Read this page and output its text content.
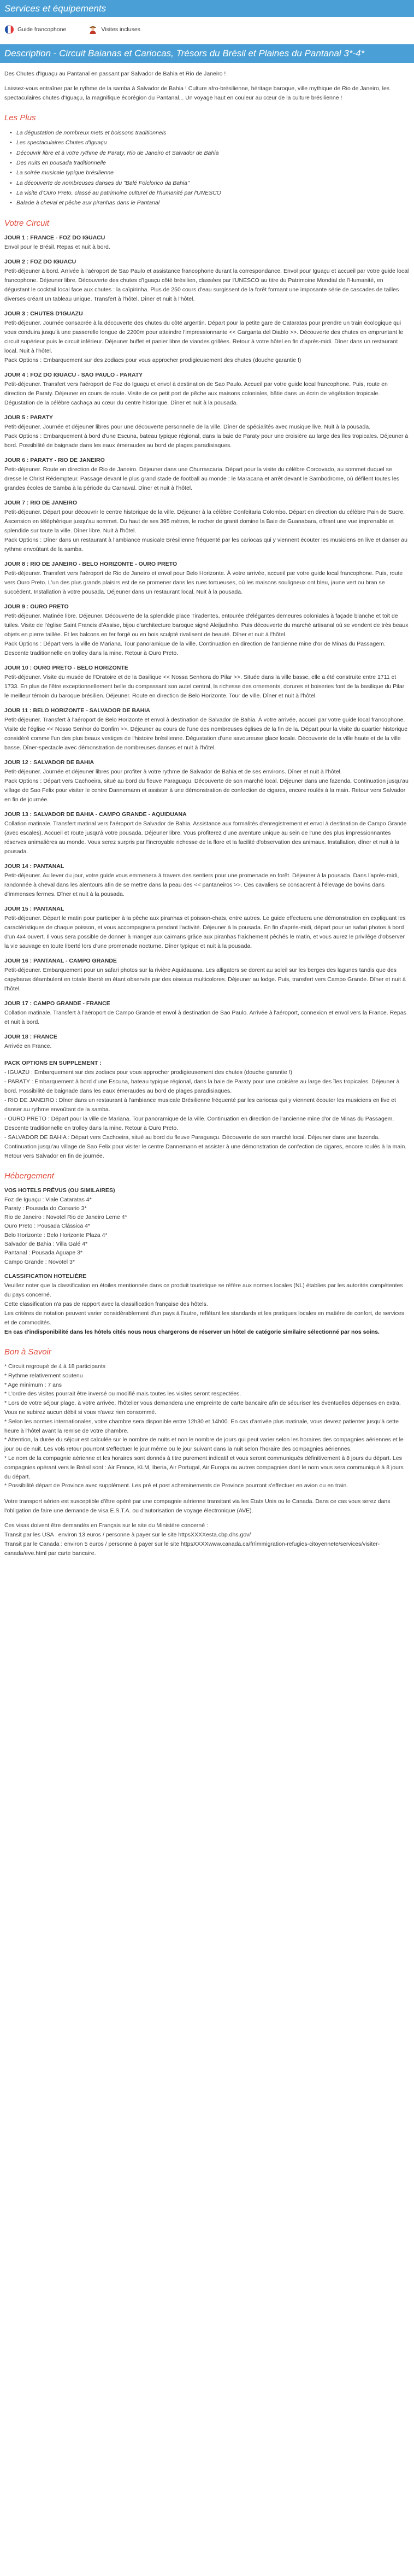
Services et équipements
Guide francophone	Visites incluses
Description - Circuit Baianas et Cariocas, Trésors du Brésil et Plaines du Pantanal 3*-4*

Des Chutes d'Iguaçu au Pantanal en passant par Salvador de Bahia et Rio de Janeiro !

Laissez-vous entraîner par le rythme de la samba à Salvador de Bahia ! Culture afro-brésilienne, héritage baroque, ville mythique de Rio de Janeiro, les spectaculaires chutes d'Iguaçu, la magnifique écorégion du Pantanal... Un voyage haut en couleur au cœur de la culture brésilienne !

Les Plus
• La dégustation de nombreux mets et boissons traditionnels
• Les spectaculaires Chutes d'Iguaçu
• Découvrir libre et à votre rythme de Paraty, Rio de Janeiro et Salvador de Bahia
• Des nuits en pousada traditionnelle
• La soirée musicale typique brésilienne
• La découverte de nombreuses danses du "Balé Folclorico da Bahia"
• La visite d'Ouro Preto, classé au patrimoine culturel de l'humanité par l'UNESCO
• Balade à cheval et pêche aux piranhas dans le Pantanal
Votre Circuit
JOUR 1 : FRANCE - FOZ DO IGUACU
Envol pour le Brésil. Repas et nuit à bord.
JOUR 2 : FOZ DO IGUACU
Petit-déjeuner à bord. Arrivée à l'aéroport de Sao Paulo et assistance francophone durant la correspondance. Envol pour Iguaçu et accueil par votre guide local francophone. Déjeuner libre. Découverte des chutes d'Iguaçu côté brésilien, classées par l'UNESCO au titre du Patrimoine Mondial de l'Humanité, en dégustant le cocktail local face aux chutes : la caïpirinha. Plus de 250 cours d'eau surgissent de la forêt formant une imposante série de cascades de tailles diverses créant un tableau unique. Transfert à l'hôtel. Dîner et nuit à l'hôtel.
JOUR 3 : CHUTES D'IGUAZU
Petit-déjeuner. Journée consacrée à la découverte des chutes du côté argentin. Départ pour la petite gare de Cataratas pour prendre un train écologique qui vous conduira jusqu'à une passerelle longue de 2200m pour atteindre l'impressionnante << Garganta del Diablo >>. Découverte des chutes en empruntant le circuit supérieur puis le circuit inférieur. Déjeuner buffet et panier libre de viandes grillées. Retour à votre hôtel en fin d'après-midi. Dîner dans un restaurant local. Nuit à l'hôtel.
Pack Options : Embarquement sur des zodiacs pour vous approcher prodigieusement des chutes (douche garantie !)
JOUR 4 : FOZ DO IGUACU - SAO PAULO - PARATY
Petit-déjeuner. Transfert vers l'aéroport de Foz do Iguaçu et envol à destination de Sao Paulo. Accueil par votre guide local francophone. Puis, route en direction de Paraty. Déjeuner en cours de route. Visite de ce petit port de pêche aux maisons coloniales, bâtie dans un écrin de végétation tropicale. Dégustation de la célèbre cachaça au cœur du centre historique. Dîner et nuit à la pousada.
JOUR 5 : PARATY
Petit-déjeuner. Journée et déjeuner libres pour une découverte personnelle de la ville. Dîner de spécialités avec musique live. Nuit à la pousada.
Pack Options : Embarquement à bord d'une Escuna, bateau typique régional, dans la baie de Paraty pour une croisière au large des îles tropicales. Déjeuner à bord. Possibilité de baignade dans les eaux émeraudes au bord de plages paradisiaques.
JOUR 6 : PARATY - RIO DE JANEIRO
Petit-déjeuner. Route en direction de Rio de Janeiro. Déjeuner dans une Churrascaria. Départ pour la visite du célèbre Corcovado, au sommet duquel se dresse le Christ Rédempteur. Passage devant le plus grand stade de football au monde : le Maracana et arrêt devant le Sambodrome, où défilent toutes les grandes écoles de Samba à la période du Carnaval. Dîner et nuit à l'hôtel.
JOUR 7 : RIO DE JANEIRO
Petit-déjeuner. Départ pour découvrir le centre historique de la ville. Déjeuner à la célèbre Confeitaria Colombo. Départ en direction du célèbre Pain de Sucre. Ascension en téléphérique jusqu'au sommet. Du haut de ses 395 mètres, le rocher de granit domine la Baie de Guanabara, offrant une vue imprenable et splendide sur toute la ville. Dîner libre. Nuit à l'hôtel.
Pack Options : Dîner dans un restaurant à l'ambiance musicale Brésilienne fréquenté par les cariocas qui y viennent écouter les musiciens en live et danser au rythme envoûtant de la samba.
JOUR 8 : RIO DE JANEIRO - BELO HORIZONTE - OURO PRETO
Petit-déjeuner. Transfert vers l'aéroport de Rio de Janeiro et envol pour Belo Horizonte. À votre arrivée, accueil par votre guide local francophone. Puis, route vers Ouro Preto. L'un des plus grands plaisirs est de se promener dans les rues tortueuses, où les maisons souligneux ont bleu, jaune vert ou bran se succèdent. Installation à votre pousada. Déjeuner dans un restaurant local. Nuit à la pousada.
JOUR 9 : OURO PRETO
Petit-déjeuner. Matinée libre. Déjeuner. Découverte de la splendide place Tiradentes, entourée d'élégantes demeures coloniales à façade blanche et toit de tuiles. Visite de l'église Saint Francis d'Assise, bijou d'architecture baroque signé Aleijadinho. Puis découverte du marché artisanal où se vendent de très beaux objets en pierre taillée. Et les balcons en fer forgé ou en bois sculpté rivalisent de beauté. Dîner et nuit à l'hôtel.
Pack Options : Départ vers la ville de Mariana. Tour panoramique de la ville. Continuation en direction de l'ancienne mine d'or de Minas du Passagem. Descente traditionnelle en trolley dans la mine. Retour à Ouro Preto.
JOUR 10 : OURO PRETO - BELO HORIZONTE
Petit-déjeuner. Visite du musée de l'Oratoire et de la Basilique << Nossa Senhora do Pilar >>. Située dans la ville basse, elle a été construite entre 1711 et 1733. En plus de l'être exceptionnellement belle du compassant son autel central, la richesse des ornements, dorures et boiseries font de la basilique du Pilar le meilleur témoin du baroque brésilien. Déjeuner. Route en direction de Belo Horizonte. Tour de ville. Dîner et nuit à l'hôtel.
JOUR 11 : BELO HORIZONTE - SALVADOR DE BAHIA
Petit-déjeuner. Transfert à l'aéroport de Belo Horizonte et envol à destination de Salvador de Bahia. À votre arrivée, accueil par votre guide local francophone. Visite de l'église << Nosso Senhor do Bonfim >>. Déjeuner au cours de l'une des nombreuses églises de la fin de la. Départ pour la visite du quartier historique considéré comme l'un des plus beaux vestiges de l'histoire brésilienne. Dégustation d'une savoureuse glace locale. Découverte de la ville haute et de la ville basse. Dîner-spectacle avec démonstration de nombreuses danses et nuit à l'hôtel.
JOUR 12 : SALVADOR DE BAHIA
Petit-déjeuner. Journée et déjeuner libres pour profiter à votre rythme de Salvador de Bahia et de ses environs. Dîner et nuit à l'hôtel.
Pack Options : Départ vers Cachoeira, situé au bord du fleuve Paraguaçu. Découverte de son marché local. Déjeuner dans une fazenda. Continuation jusqu'au village de Sao Felix pour visiter le centre Dannemann et assister à une démonstration de confection de cigares, encore roulés à la main. Retour vers Salvador en fin de journée.
JOUR 13 : SALVADOR DE BAHIA - CAMPO GRANDE - AQUIDUANA
Collation matinale. Transfert matinal vers l'aéroport de Salvador de Bahia. Assistance aux formalités d'enregistrement et envol à destination de Campo Grande (avec escales). Accueil et route jusqu'à votre pousada. Déjeuner libre. Vous profiterez d'une aventure unique au sein de l'une des plus impressionnantes réserves animalières au monde. Vous serez surpris par l'incroyable richesse de la flore et la facilité d'observation des animaux. Installation, dîner et nuit à la pousada.
JOUR 14 : PANTANAL
Petit-déjeuner. Au lever du jour, votre guide vous emmenera à travers des sentiers pour une promenade en forêt. Déjeuner à la pousada. Dans l'après-midi, randonnée à cheval dans les alentours afin de se mettre dans la peau des << pantaneiros >>. Ces cavaliers se consacrent à l'élevage de bovins dans d'immenses fermes. Dîner et nuit à la pousada.
JOUR 15 : PANTANAL
Petit-déjeuner. Départ le matin pour participer à la pêche aux piranhas et poisson-chats, entre autres. Le guide effectuera une démonstration en expliquant les caractéristiques de chaque poisson, et vous accompagnera pendant l'activité. Déjeuner à la pousada. En fin d'après-midi, départ pour un safari photos à bord d'un 4x4 ouvert. Il vous sera possible de donner à manger aux caïmans grâce aux piranhas fraîchement pêchés le matin, et vous aurez le privilège d'observer la vie sauvage en toute liberté lors d'une promenade nocturne. Dîner typique et nuit à la pousada.
JOUR 16 : PANTANAL - CAMPO GRANDE
Petit-déjeuner. Embarquement pour un safari photos sur la rivière Aquidauana. Les alligators se dorent au soleil sur les berges des lagunes tandis que des capybaras déambulent en totale liberté en étant observés par des oiseaux multicolores. Déjeuner au lodge. Puis, transfert vers Campo Grande. Dîner et nuit à l'hôtel.
JOUR 17 : CAMPO GRANDE - FRANCE
Collation matinale. Transfert à l'aéroport de Campo Grande et envol à destination de Sao Paulo. Arrivée à l'aéroport, connexion et envol vers la France. Repas et nuit à bord.
JOUR 18 : FRANCE
Arrivée en France.
PACK OPTIONS EN SUPPLEMENT :
- IGUAZU : Embarquement sur des zodiacs pour vous approcher prodigieusement des chutes (douche garantie !)
- PARATY : Embarquement à bord d'une Escuna, bateau typique régional, dans la baie de Paraty pour une croisière au large des îles tropicales. Déjeuner à bord. Possibilité de baignade dans les eaux émeraudes au bord de plages paradisiaques.
- RIO DE JANEIRO : Dîner dans un restaurant à l'ambiance musicale Brésilienne fréquenté par les cariocas qui y viennent écouter les musiciens en live et danser au rythme envoûtant de la samba.
- OURO PRETO : Départ pour la ville de Mariana. Tour panoramique de la ville. Continuation en direction de l'ancienne mine d'or de Minas du Passagem. Descente traditionnelle en trolley dans la mine. Retour à Ouro Preto.
- SALVADOR DE BAHIA : Départ vers Cachoeira, situé au bord du fleuve Paraguaçu. Découverte de son marché local. Déjeuner dans une fazenda. Continuation jusqu'au village de Sao Felix pour visiter le centre Dannemann et assister à une démonstration de confection de cigares, encore roulés à la main. Retour vers Salvador en fin de journée.
Hébergement
VOS HOTELS PRÉVUS (OU SIMILAIRES)
Foz de Iguaçu : Viale Cataratas 4*
Paraty : Pousada do Corsario 3*
Rio de Janeiro : Novotel Rio de Janeiro Leme 4*
Ouro Preto : Pousada Clássica 4*
Belo Horizonte : Belo Horizonte Plaza 4*
Salvador de Bahia : Villa Galé 4*
Pantanal : Pousada Aguape 3*
Campo Grande : Novotel 3*
CLASSIFICATION HOTELIÈRE
Veuillez noter que la classification en étoiles mentionnée dans ce produit touristique se réfère aux normes locales (NL) établies par les autorités compétentes du pays concerné.
Cette classification n'a pas de rapport avec la classification française des hôtels.
Les critères de notation peuvent varier considérablement d'un pays à l'autre, reflétant les standards et les pratiques locales en matière de confort, de services et de commodités.
En cas d'indisponibilité dans les hôtels cités nous nous chargerons de réserver un hôtel de catégorie similaire sélectionné par nos soins.
Bon à Savoir
* Circuit regroupé de 4 à 18 participants
* Rythme relativement soutenu
* Age minimum : 7 ans
* L'ordre des visites pourrait être inversé ou modifié mais toutes les visites seront respectées.
* Lors de votre séjour plage, à votre arrivée, l'hôtelier vous demandera une empreinte de carte bancaire afin de sécuriser les éventuelles dépenses en extra. Vous ne subirez aucun débit si vous n'avez rien consommé.
* Selon les normes internationales, votre chambre sera disponible entre 12h30 et 14h00. En cas d'arrivée plus matinale, vous devrez patienter jusqu'à cette heure à l'hôtel avant la remise de votre chambre.
* Attention, la durée du séjour est calculée sur le nombre de nuits et non le nombre de jours qui peut varier selon les horaires des compagnies aériennes et le jour ou de nuit. Les vols retour pourront s'effectuer le jour même ou le jour suivant dans la nuit selon l'horaire des compagnies aériennes.
* Le nom de la compagnie aérienne et les horaires sont donnés à titre purement indicatif et vous seront communiqués définitivement à 8 jours du départ. Les compagnies opérant vers le Brésil sont : Air France, KLM, Iberia, Air Portugal, Air Europa ou autres compagnies dont le nom vous sera communiqué à 8 jours du départ.
* Possibilité départ de Province avec supplément. Les pré et post acheminements de Province pourront s'effectuer en avion ou en train.

Votre transport aérien est susceptible d'être opéré par une compagnie aérienne transitant via les Etats Unis ou le Canada. Dans ce cas vous serez dans l'obligation de faire une demande de visa E.S.T.A. ou d'autorisation de voyage électronique (AVE).

Ces visas doivent être demandés en Français sur le site du Ministère concerné :
Transit par les USA : environ 13 euros / personne à payer sur le site httpsXXXXesta.cbp.dhs.gov/
Transit par le Canada : environ 5 euros / personne à payer sur le site httpsXXXXwww.canada.ca/fr/immigration-refugies-citoyennete/services/visiter-canada/eve.html par carte bancaire.
